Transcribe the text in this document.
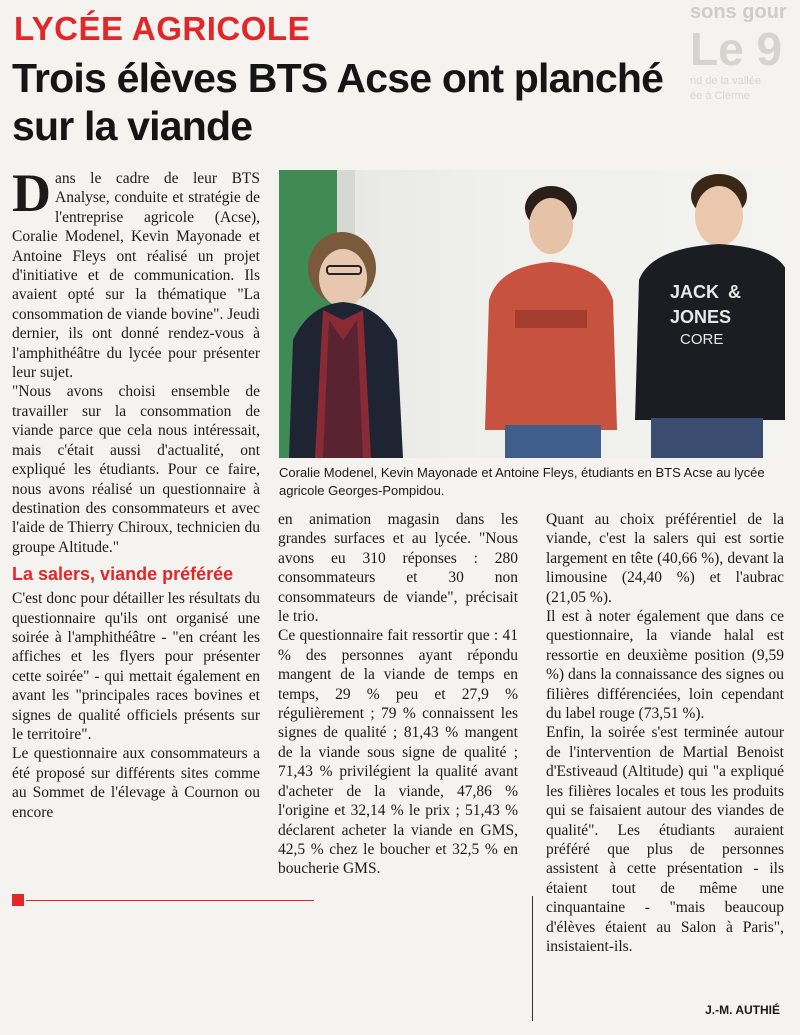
sons gour
Le 9
nd de la vallée
ée à Clerme
LYCÉE AGRICOLE
Trois élèves BTS Acse ont planché sur la viande

Dans le cadre de leur BTS Analyse, conduite et stratégie de l'entreprise agricole (Acse), Coralie Modenel, Kevin Mayonade et Antoine Fleys ont réalisé un projet d'initiative et de communication. Ils avaient opté sur la thématique "La consommation de viande bovine". Jeudi dernier, ils ont donné rendez-vous à l'amphithéâtre du lycée pour présenter leur sujet.

"Nous avons choisi ensemble de travailler sur la consommation de viande parce que cela nous intéressait, mais c'était aussi d'actualité, ont expliqué les étudiants. Pour ce faire, nous avons réalisé un questionnaire à destination des consommateurs et avec l'aide de Thierry Chiroux, technicien du groupe Altitude."

La salers, viande préférée

C'est donc pour détailler les résultats du questionnaire qu'ils ont organisé une soirée à l'amphithéâtre - "en créant les affiches et les flyers pour présenter cette soirée" - qui mettait également en avant les "principales races bovines et signes de qualité officiels présents sur le territoire".

Le questionnaire aux consommateurs a été proposé sur différents sites comme au Sommet de l'élevage à Cournon ou encore

JACK &
JONES
CORE
Coralie Modenel, Kevin Mayonade et Antoine Fleys, étudiants en BTS Acse au lycée agricole Georges-Pompidou.

en animation magasin dans les grandes surfaces et au lycée. "Nous avons eu 310 réponses : 280 consommateurs et 30 non consommateurs de viande", précisait le trio.

Ce questionnaire fait ressortir que : 41 % des personnes ayant répondu mangent de la viande de temps en temps, 29 % peu et 27,9 % régulièrement ; 79 % connaissent les signes de qualité ; 81,43 % mangent de la viande sous signe de qualité ; 71,43 % privilégient la qualité avant d'acheter de la viande, 47,86 % l'origine et 32,14 % le prix ; 51,43 % déclarent acheter la viande en GMS, 42,5 % chez le boucher et 32,5 % en boucherie GMS.

Quant au choix préférentiel de la viande, c'est la salers qui est sortie largement en tête (40,66 %), devant la limousine (24,40 %) et l'aubrac (21,05 %).

Il est à noter également que dans ce questionnaire, la viande halal est ressortie en deuxième position (9,59 %) dans la connaissance des signes ou filières différenciées, loin cependant du label rouge (73,51 %).

Enfin, la soirée s'est terminée autour de l'intervention de Martial Benoist d'Estiveaud (Altitude) qui "a expliqué les filières locales et tous les produits qui se faisaient autour des viandes de qualité". Les étudiants auraient préféré que plus de personnes assistent à cette présentation - ils étaient tout de même une cinquantaine - "mais beaucoup d'élèves étaient au Salon à Paris", insistaient-ils.

J.-M. AUTHIÉ
